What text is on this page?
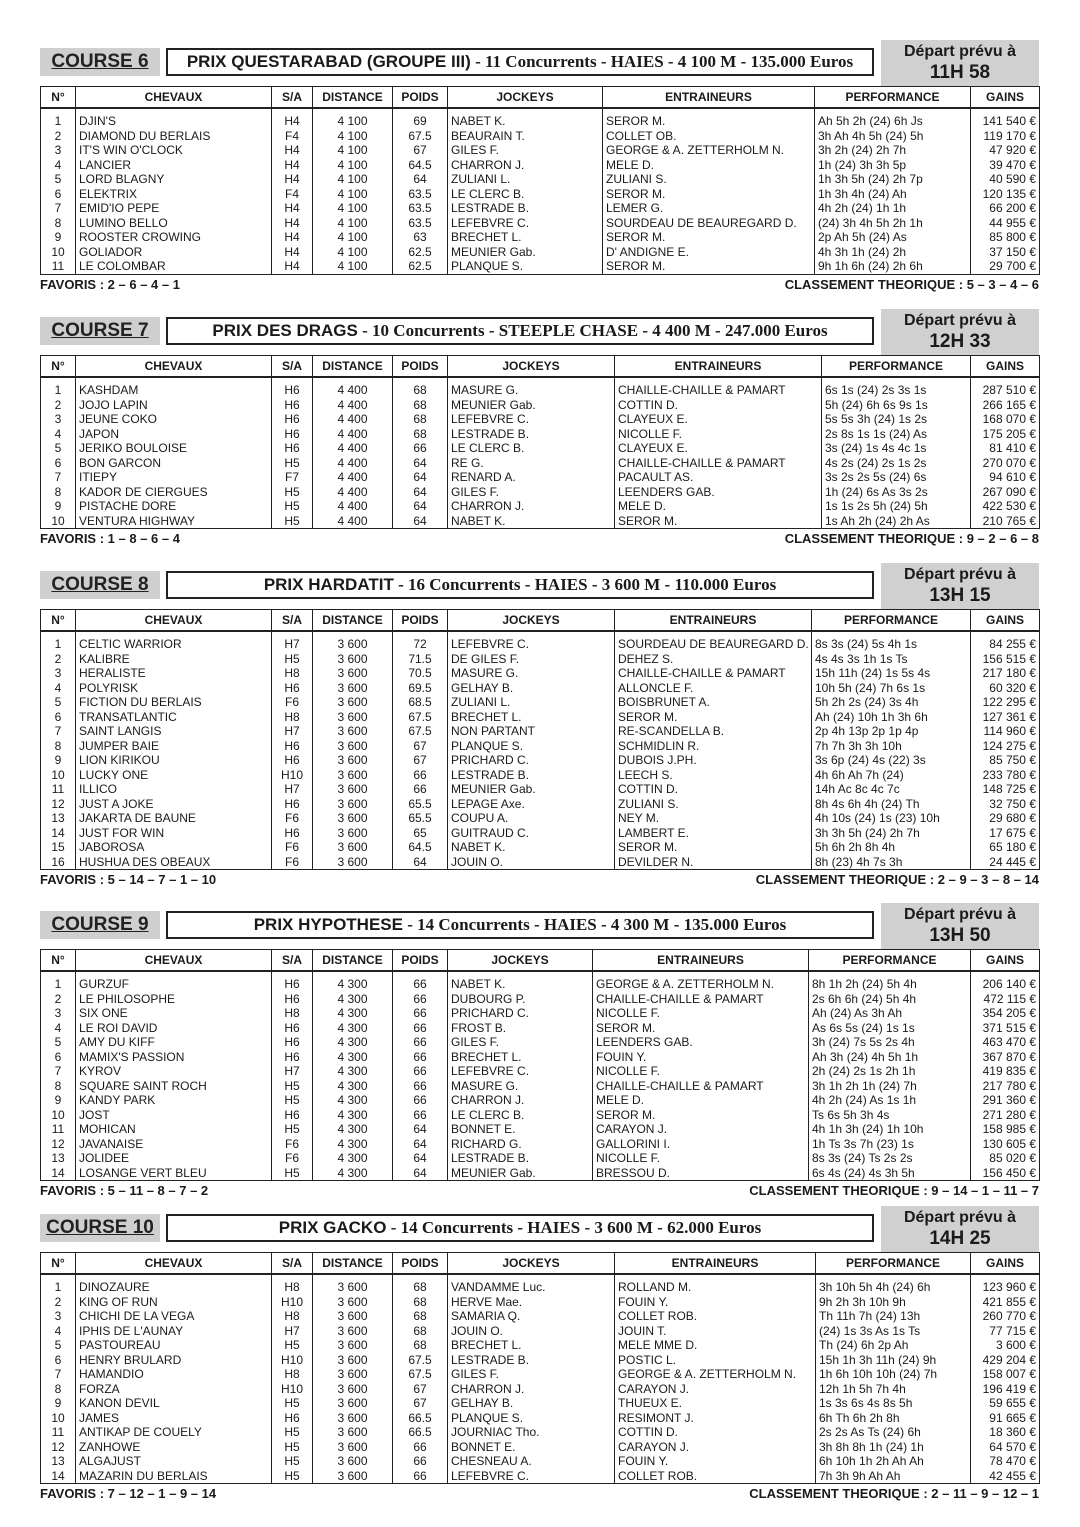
COURSE 6	PRIX QUESTARABAD (GROUPE III) - 11 Concurrents - HAIES - 4 100 M - 135.000 Euros
Départ prévu à
11H 58
N°	CHEVAUX	S/A	DISTANCE	POIDS	JOCKEYS	ENTRAINEURS	PERFORMANCE	GAINS
1	DJIN'S	H4	4 100	69	NABET K.	SEROR M.	Ah 5h 2h (24) 6h Js	141 540 €
2	DIAMOND DU BERLAIS	F4	4 100	67.5	BEAURAIN T.	COLLET OB.	3h Ah 4h 5h (24) 5h	119 170 €
3	IT'S WIN O'CLOCK	H4	4 100	67	GILES F.	GEORGE & A. ZETTERHOLM N.	3h 2h (24) 2h 7h	47 920 €
4	LANCIER	H4	4 100	64.5	CHARRON J.	MELE D.	1h (24) 3h 3h 5p	39 470 €
5	LORD BLAGNY	H4	4 100	64	ZULIANI L.	ZULIANI S.	1h 3h 5h (24) 2h 7p	40 590 €
6	ELEKTRIX	F4	4 100	63.5	LE CLERC B.	SEROR M.	1h 3h 4h (24) Ah	120 135 €
7	EMID'IO PEPE	H4	4 100	63.5	LESTRADE B.	LEMER G.	4h 2h (24) 1h 1h	66 200 €
8	LUMINO BELLO	H4	4 100	63.5	LEFEBVRE C.	SOURDEAU DE BEAUREGARD D.	(24) 3h 4h 5h 2h 1h	44 955 €
9	ROOSTER CROWING	H4	4 100	63	BRECHET L.	SEROR M.	2p Ah 5h (24) As	85 800 €
10	GOLIADOR	H4	4 100	62.5	MEUNIER Gab.	D' ANDIGNE E.	4h 3h 1h (24) 2h	37 150 €
11	LE COLOMBAR	H4	4 100	62.5	PLANQUE S.	SEROR M.	9h 1h 6h (24) 2h 6h	29 700 €
FAVORIS : 2 – 6 – 4 – 1	CLASSEMENT THEORIQUE : 5 – 3 – 4 – 6
COURSE 7	PRIX DES DRAGS - 10 Concurrents - STEEPLE CHASE - 4 400 M - 247.000 Euros
Départ prévu à
12H 33
N°	CHEVAUX	S/A	DISTANCE	POIDS	JOCKEYS	ENTRAINEURS	PERFORMANCE	GAINS
1	KASHDAM	H6	4 400	68	MASURE G.	CHAILLE-CHAILLE & PAMART	6s 1s (24) 2s 3s 1s	287 510 €
2	JOJO LAPIN	H6	4 400	68	MEUNIER Gab.	COTTIN D.	5h (24) 6h 6s 9s 1s	266 165 €
3	JEUNE COKO	H6	4 400	68	LEFEBVRE C.	CLAYEUX E.	5s 5s 3h (24) 1s 2s	168 070 €
4	JAPON	H6	4 400	68	LESTRADE B.	NICOLLE F.	2s 8s 1s 1s (24) As	175 205 €
5	JERIKO BOULOISE	H6	4 400	66	LE CLERC B.	CLAYEUX E.	3s (24) 1s 4s 4c 1s	81 410 €
6	BON GARCON	H5	4 400	64	RE G.	CHAILLE-CHAILLE & PAMART	4s 2s (24) 2s 1s 2s	270 070 €
7	ITIEPY	F7	4 400	64	RENARD A.	PACAULT AS.	3s 2s 2s 5s (24) 6s	94 610 €
8	KADOR DE CIERGUES	H5	4 400	64	GILES F.	LEENDERS GAB.	1h (24) 6s As 3s 2s	267 090 €
9	PISTACHE DORE	H5	4 400	64	CHARRON J.	MELE D.	1s 1s 2s 5h (24) 5h	422 530 €
10	VENTURA HIGHWAY	H5	4 400	64	NABET K.	SEROR M.	1s Ah 2h (24) 2h As	210 765 €
FAVORIS : 1 – 8 – 6 – 4	CLASSEMENT THEORIQUE : 9 – 2 – 6 – 8
COURSE 8	PRIX HARDATIT - 16 Concurrents - HAIES - 3 600 M - 110.000 Euros
Départ prévu à
13H 15
N°	CHEVAUX	S/A	DISTANCE	POIDS	JOCKEYS	ENTRAINEURS	PERFORMANCE	GAINS
1	CELTIC WARRIOR	H7	3 600	72	LEFEBVRE C.	SOURDEAU DE BEAUREGARD D.	8s 3s (24) 5s 4h 1s	84 255 €
2	KALIBRE	H5	3 600	71.5	DE GILES F.	DEHEZ S.	4s 4s 3s 1h 1s Ts	156 515 €
3	HERALISTE	H8	3 600	70.5	MASURE G.	CHAILLE-CHAILLE & PAMART	15h 11h (24) 1s 5s 4s	217 180 €
4	POLYRISK	H6	3 600	69.5	GELHAY B.	ALLONCLE F.	10h 5h (24) 7h 6s 1s	60 320 €
5	FICTION DU BERLAIS	F6	3 600	68.5	ZULIANI L.	BOISBRUNET A.	5h 2h 2s (24) 3s 4h	122 295 €
6	TRANSATLANTIC	H8	3 600	67.5	BRECHET L.	SEROR M.	Ah (24) 10h 1h 3h 6h	127 361 €
7	SAINT LANGIS	H7	3 600	67.5	NON PARTANT	RE-SCANDELLA B.	2p 4h 13p 2p 1p 4p	114 960 €
8	JUMPER BAIE	H6	3 600	67	PLANQUE S.	SCHMIDLIN R.	7h 7h 3h 3h 10h	124 275 €
9	LION KIRIKOU	H6	3 600	67	PRICHARD C.	DUBOIS J.PH.	3s 6p (24) 4s (22) 3s	85 750 €
10	LUCKY ONE	H10	3 600	66	LESTRADE B.	LEECH S.	4h 6h Ah 7h (24)	233 780 €
11	ILLICO	H7	3 600	66	MEUNIER Gab.	COTTIN D.	14h Ac 8c 4c 7c	148 725 €
12	JUST A JOKE	H6	3 600	65.5	LEPAGE Axe.	ZULIANI S.	8h 4s 6h 4h (24) Th	32 750 €
13	JAKARTA DE BAUNE	F6	3 600	65.5	COUPU A.	NEY M.	4h 10s (24) 1s (23) 10h	29 680 €
14	JUST FOR WIN	H6	3 600	65	GUITRAUD C.	LAMBERT E.	3h 3h 5h (24) 2h 7h	17 675 €
15	JABOROSA	F6	3 600	64.5	NABET K.	SEROR M.	5h 6h 2h 8h 4h	65 180 €
16	HUSHUA DES OBEAUX	F6	3 600	64	JOUIN O.	DEVILDER N.	8h (23) 4h 7s 3h	24 445 €
FAVORIS : 5 – 14 – 7 – 1 – 10	CLASSEMENT THEORIQUE : 2 – 9 – 3 – 8 – 14
COURSE 9	PRIX HYPOTHESE - 14 Concurrents - HAIES - 4 300 M - 135.000 Euros
Départ prévu à
13H 50
N°	CHEVAUX	S/A	DISTANCE	POIDS	JOCKEYS	ENTRAINEURS	PERFORMANCE	GAINS
1	GURZUF	H6	4 300	66	NABET K.	GEORGE & A. ZETTERHOLM N.	8h 1h 2h (24) 5h 4h	206 140 €
2	LE PHILOSOPHE	H6	4 300	66	DUBOURG P.	CHAILLE-CHAILLE & PAMART	2s 6h 6h (24) 5h 4h	472 115 €
3	SIX ONE	H8	4 300	66	PRICHARD C.	NICOLLE F.	Ah (24) As 3h Ah	354 205 €
4	LE ROI DAVID	H6	4 300	66	FROST B.	SEROR M.	As 6s 5s (24) 1s 1s	371 515 €
5	AMY DU KIFF	H6	4 300	66	GILES F.	LEENDERS GAB.	3h (24) 7s 5s 2s 4h	463 470 €
6	MAMIX'S PASSION	H6	4 300	66	BRECHET L.	FOUIN Y.	Ah 3h (24) 4h 5h 1h	367 870 €
7	KYROV	H7	4 300	66	LEFEBVRE C.	NICOLLE F.	2h (24) 2s 1s 2h 1h	419 835 €
8	SQUARE SAINT ROCH	H5	4 300	66	MASURE G.	CHAILLE-CHAILLE & PAMART	3h 1h 2h 1h (24) 7h	217 780 €
9	KANDY PARK	H5	4 300	66	CHARRON J.	MELE D.	4h 2h (24) As 1s 1h	291 360 €
10	JOST	H6	4 300	66	LE CLERC B.	SEROR M.	Ts 6s 5h 3h 4s	271 280 €
11	MOHICAN	H5	4 300	64	BONNET E.	CARAYON J.	4h 1h 3h (24) 1h 10h	158 985 €
12	JAVANAISE	F6	4 300	64	RICHARD G.	GALLORINI I.	1h Ts 3s 7h (23) 1s	130 605 €
13	JOLIDEE	F6	4 300	64	LESTRADE B.	NICOLLE F.	8s 3s (24) Ts 2s 2s	85 020 €
14	LOSANGE VERT BLEU	H5	4 300	64	MEUNIER Gab.	BRESSOU D.	6s 4s (24) 4s 3h 5h	156 450 €
FAVORIS : 5 – 11 – 8 – 7 – 2	CLASSEMENT THEORIQUE : 9 – 14 – 1 – 11 – 7
COURSE 10	PRIX GACKO - 14 Concurrents - HAIES - 3 600 M - 62.000 Euros
Départ prévu à
14H 25
N°	CHEVAUX	S/A	DISTANCE	POIDS	JOCKEYS	ENTRAINEURS	PERFORMANCE	GAINS
1	DINOZAURE	H8	3 600	68	VANDAMME Luc.	ROLLAND M.	3h 10h 5h 4h (24) 6h	123 960 €
2	KING OF RUN	H10	3 600	68	HERVE Mae.	FOUIN Y.	9h 2h 3h 10h 9h	421 855 €
3	CHICHI DE LA VEGA	H8	3 600	68	SAMARIA Q.	COLLET ROB.	Th 11h 7h (24) 13h	260 770 €
4	IPHIS DE L'AUNAY	H7	3 600	68	JOUIN O.	JOUIN T.	(24) 1s 3s As 1s Ts	77 715 €
5	PASTOUREAU	H5	3 600	68	BRECHET L.	MELE MME D.	Th (24) 6h 2p Ah	3 600 €
6	HENRY BRULARD	H10	3 600	67.5	LESTRADE B.	POSTIC L.	15h 1h 3h 11h (24) 9h	429 204 €
7	HAMANDIO	H8	3 600	67.5	GILES F.	GEORGE & A. ZETTERHOLM N.	1h 6h 10h 10h (24) 7h	158 007 €
8	FORZA	H10	3 600	67	CHARRON J.	CARAYON J.	12h 1h 5h 7h 4h	196 419 €
9	KANON DEVIL	H5	3 600	67	GELHAY B.	THUEUX E.	1s 3s 6s 4s 8s 5h	59 655 €
10	JAMES	H6	3 600	66.5	PLANQUE S.	RESIMONT J.	6h Th 6h 2h 8h	91 665 €
11	ANTIKAP DE COUELY	H5	3 600	66.5	JOURNIAC Tho.	COTTIN D.	2s 2s As Ts (24) 6h	18 360 €
12	ZANHOWE	H5	3 600	66	BONNET E.	CARAYON J.	3h 8h 8h 1h (24) 1h	64 570 €
13	ALGAJUST	H5	3 600	66	CHESNEAU A.	FOUIN Y.	6h 10h 1h 2h Ah Ah	78 470 €
14	MAZARIN DU BERLAIS	H5	3 600	66	LEFEBVRE C.	COLLET ROB.	7h 3h 9h Ah Ah	42 455 €
FAVORIS : 7 – 12 – 1 – 9 – 14	CLASSEMENT THEORIQUE : 2 – 11 – 9 – 12 – 1
